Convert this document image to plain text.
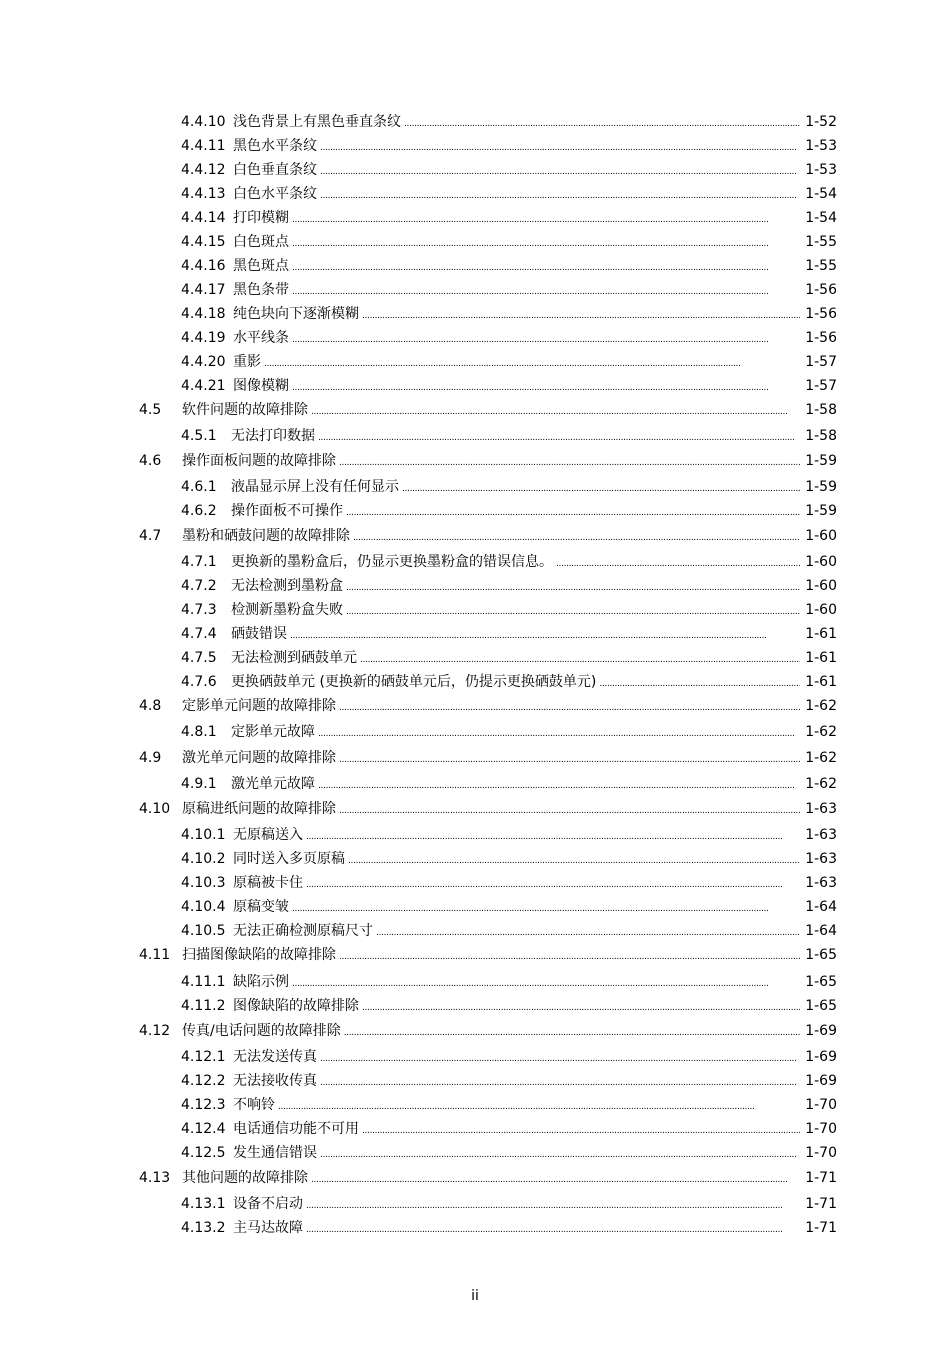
4.4.10 浅色背景上有黑色垂直条纹 . . .	1-52
4.4.11 黑色水平条纹 . . .	1-53
4.4.12 白色垂直条纹 . . .	1-53
4.4.13 白色水平条纹 . . .	1-54
4.4.14 打印模糊 . . .	1-54
4.4.15 白色斑点 . . .	1-55
4.4.16 黑色斑点 . . .	1-55
4.4.17 黑色条带 . . .	1-56
4.4.18 纯色块向下逐渐模糊 . . .	1-56
4.4.19 水平线条 . . .	1-56
4.4.20 重影 . . .	1-57
4.4.21 图像模糊 . . .	1-57
4.5 软件问题的故障排除 . . .	1-58
4.5.1 无法打印数据 . . .	1-58
4.6 操作面板问题的故障排除 . . .	1-59
4.6.1 液晶显示屏上没有任何显示 . . .	1-59
4.6.2 操作面板不可操作 . . .	1-59
4.7 墨粉和硒鼓问题的故障排除 . . .	1-60
4.7.1 更换新的墨粉盒后，仍显示更换墨粉盒的错误信息。 . . .	1-60
4.7.2 无法检测到墨粉盒 . . .	1-60
4.7.3 检测新墨粉盒失败 . . .	1-60
4.7.4 硒鼓错误 . . .	1-61
4.7.5 无法检测到硒鼓单元 . . .	1-61
4.7.6 更换硒鼓单元 (更换新的硒鼓单元后，仍提示更换硒鼓单元) . . .	1-61
4.8 定影单元问题的故障排除 . . .	1-62
4.8.1 定影单元故障 . . .	1-62
4.9 激光单元问题的故障排除 . . .	1-62
4.9.1 激光单元故障 . . .	1-62
4.10 原稿进纸问题的故障排除 . . .	1-63
4.10.1 无原稿送入 . . .	1-63
4.10.2 同时送入多页原稿 . . .	1-63
4.10.3 原稿被卡住 . . .	1-63
4.10.4 原稿变皱 . . .	1-64
4.10.5 无法正确检测原稿尺寸 . . .	1-64
4.11 扫描图像缺陷的故障排除 . . .	1-65
4.11.1 缺陷示例 . . .	1-65
4.11.2 图像缺陷的故障排除 . . .	1-65
4.12 传真/电话问题的故障排除 . . .	1-69
4.12.1 无法发送传真 . . .	1-69
4.12.2 无法接收传真 . . .	1-69
4.12.3 不响铃 . . .	1-70
4.12.4 电话通信功能不可用 . . .	1-70
4.12.5 发生通信错误 . . .	1-70
4.13 其他问题的故障排除 . . .	1-71
4.13.1 设备不启动 . . .	1-71
4.13.2 主马达故障 . . .	1-71
ii
